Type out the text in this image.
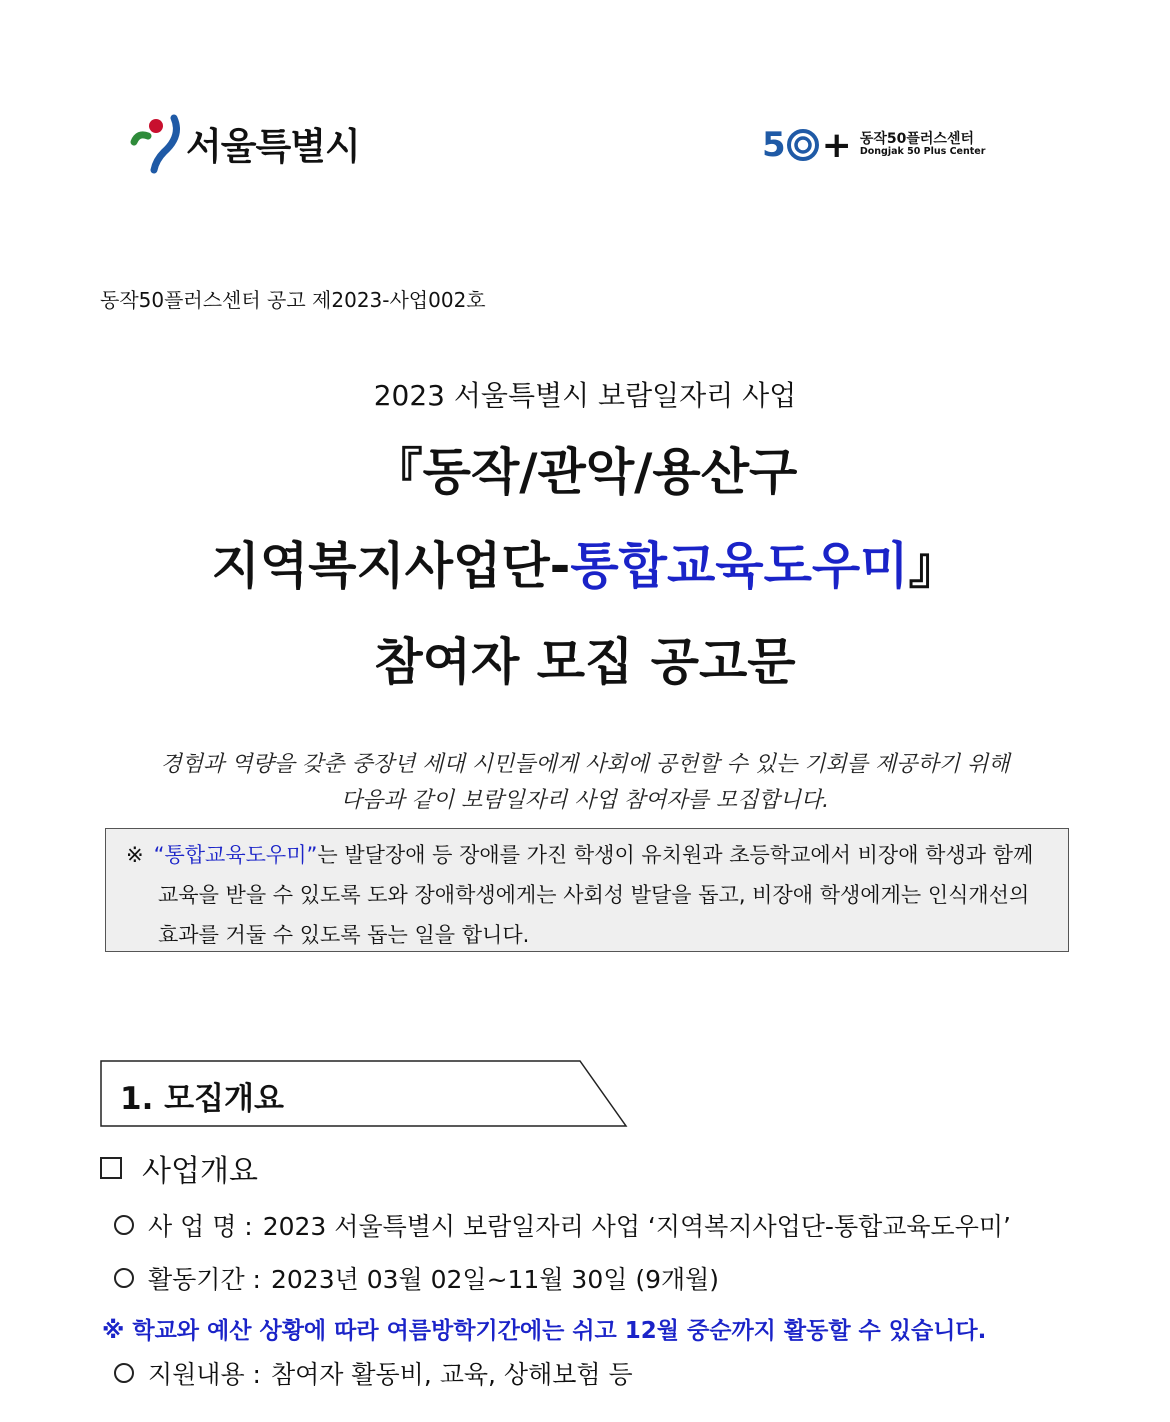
서울특별시	5 + 동작50플러스센터
Dongjak 50 Plus Center
동작50플러스센터 공고 제2023-사업002호
2023 서울특별시 보람일자리 사업
『동작/관악/용산구
지역복지사업단-통합교육도우미』
참여자 모집 공고문
경험과 역량을 갖춘 중장년 세대 시민들에게 사회에 공헌할 수 있는 기회를 제공하기 위해
다음과 같이 보람일자리 사업 참여자를 모집합니다.
※ “통합교육도우미”는 발달장애 등 장애를 가진 학생이 유치원과 초등학교에서 비장애 학생과 함께
교육을 받을 수 있도록 도와 장애학생에게는 사회성 발달을 돕고, 비장애 학생에게는 인식개선의
효과를 거둘 수 있도록 돕는 일을 합니다.
1. 모집개요
사업개요
사 업 명 : 2023 서울특별시 보람일자리 사업 ‘지역복지사업단-통합교육도우미’
활동기간 : 2023년 03월 02일~11월 30일 (9개월)
※ 학교와 예산 상황에 따라 여름방학기간에는 쉬고 12월 중순까지 활동할 수 있습니다.
지원내용 : 참여자 활동비, 교육, 상해보험 등
